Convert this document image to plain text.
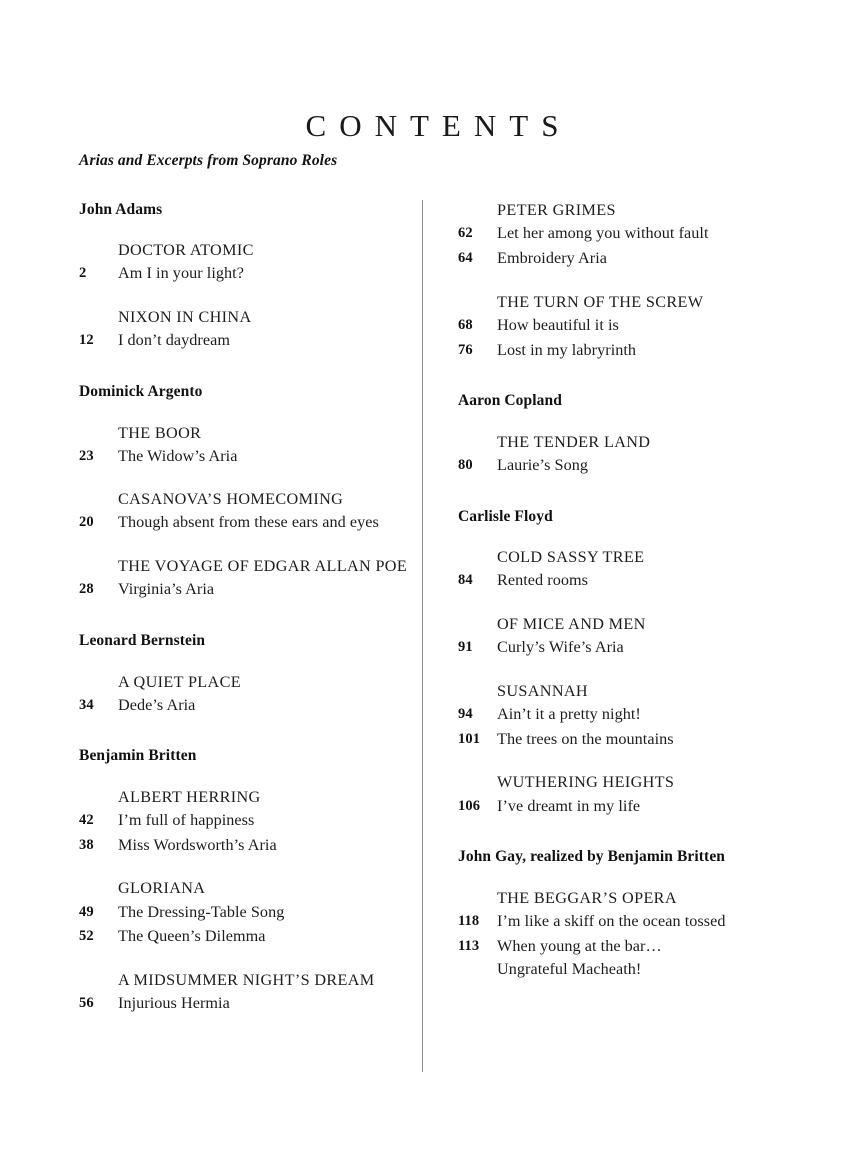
CONTENTS
Arias and Excerpts from Soprano Roles
John Adams
DOCTOR ATOMIC
2	Am I in your light?
NIXON IN CHINA
12	I don’t daydream
Dominick Argento
THE BOOR
23	The Widow’s Aria
CASANOVA’S HOMECOMING
20	Though absent from these ears and eyes
THE VOYAGE OF EDGAR ALLAN POE
28	Virginia’s Aria
Leonard Bernstein
A QUIET PLACE
34	Dede’s Aria
Benjamin Britten
ALBERT HERRING
42	I’m full of happiness
38	Miss Wordsworth’s Aria
GLORIANA
49	The Dressing-Table Song
52	The Queen’s Dilemma
A MIDSUMMER NIGHT’S DREAM
56	Injurious Hermia
PETER GRIMES
62	Let her among you without fault
64	Embroidery Aria
THE TURN OF THE SCREW
68	How beautiful it is
76	Lost in my labryrinth
Aaron Copland
THE TENDER LAND
80	Laurie’s Song
Carlisle Floyd
COLD SASSY TREE
84	Rented rooms
OF MICE AND MEN
91	Curly’s Wife’s Aria
SUSANNAH
94	Ain’t it a pretty night!
101	The trees on the mountains
WUTHERING HEIGHTS
106	I’ve dreamt in my life
John Gay, realized by Benjamin Britten
THE BEGGAR’S OPERA
118	I’m like a skiff on the ocean tossed
113	When young at the bar…
Ungrateful Macheath!
